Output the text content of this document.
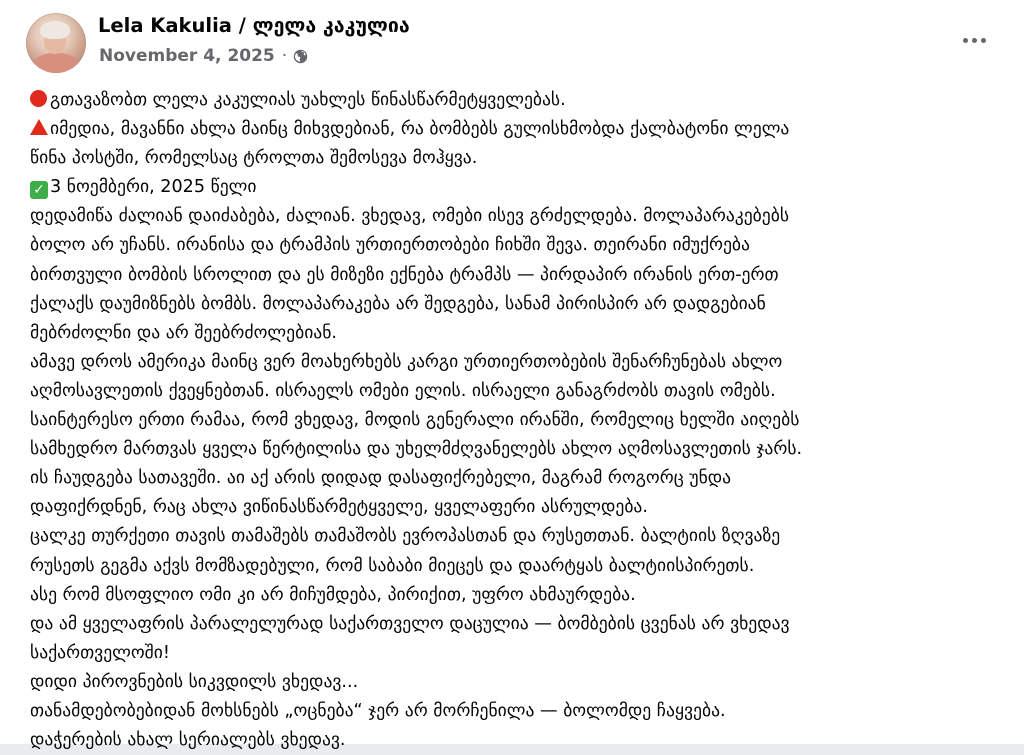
Lela Kakulia / ლელა კაკულია
November 4, 2025 ·
გთავაზობთ ლელა კაკულიას უახლეს წინასწარმეტყველებას.
იმედია, მავანნი ახლა მაინც მიხვდებიან, რა ბომბებს გულისხმობდა ქალბატონი ლელა
წინა პოსტში, რომელსაც ტროლთა შემოსევა მოჰყვა.
✓ 3 ნოემბერი, 2025 წელი
დედამიწა ძალიან დაიძაბება, ძალიან. ვხედავ, ომები ისევ გრძელდება. მოლაპარაკებებს
ბოლო არ უჩანს. ირანისა და ტრამპის ურთიერთობები ჩიხში შევა. თეირანი იმუქრება
ბირთვული ბომბის სროლით და ეს მიზეზი ექნება ტრამპს — პირდაპირ ირანის ერთ-ერთ
ქალაქს დაუმიზნებს ბომბს. მოლაპარაკება არ შედგება, სანამ პირისპირ არ დადგებიან
მებრძოლნი და არ შეებრძოლებიან.
ამავე დროს ამერიკა მაინც ვერ მოახერხებს კარგი ურთიერთობების შენარჩუნებას ახლო
აღმოსავლეთის ქვეყნებთან. ისრაელს ომები ელის. ისრაელი განაგრძობს თავის ომებს.
საინტერესო ერთი რამაა, რომ ვხედავ, მოდის გენერალი ირანში, რომელიც ხელში აიღებს
სამხედრო მართვას ყველა წერტილისა და უხელმძღვანელებს ახლო აღმოსავლეთის ჯარს.
ის ჩაუდგება სათავეში. აი აქ არის დიდად დასაფიქრებელი, მაგრამ როგორც უნდა
დაფიქრდნენ, რაც ახლა ვიწინასწარმეტყველე, ყველაფერი ასრულდება.
ცალკე თურქეთი თავის თამაშებს თამაშობს ევროპასთან და რუსეთთან. ბალტიის ზღვაზე
რუსეთს გეგმა აქვს მომზადებული, რომ საბაბი მიეცეს და დაარტყას ბალტიისპირეთს.
ასე რომ მსოფლიო ომი კი არ მიჩუმდება, პირიქით, უფრო ახმაურდება.
და ამ ყველაფრის პარალელურად საქართველო დაცულია — ბომბების ცვენას არ ვხედავ
საქართველოში!
დიდი პიროვნების სიკვდილს ვხედავ...
თანამდებობებიდან მოხსნებს „ოცნება“ ჯერ არ მორჩენილა — ბოლომდე ჩაყვება.
დაჭერების ახალ სერიალებს ვხედავ.
